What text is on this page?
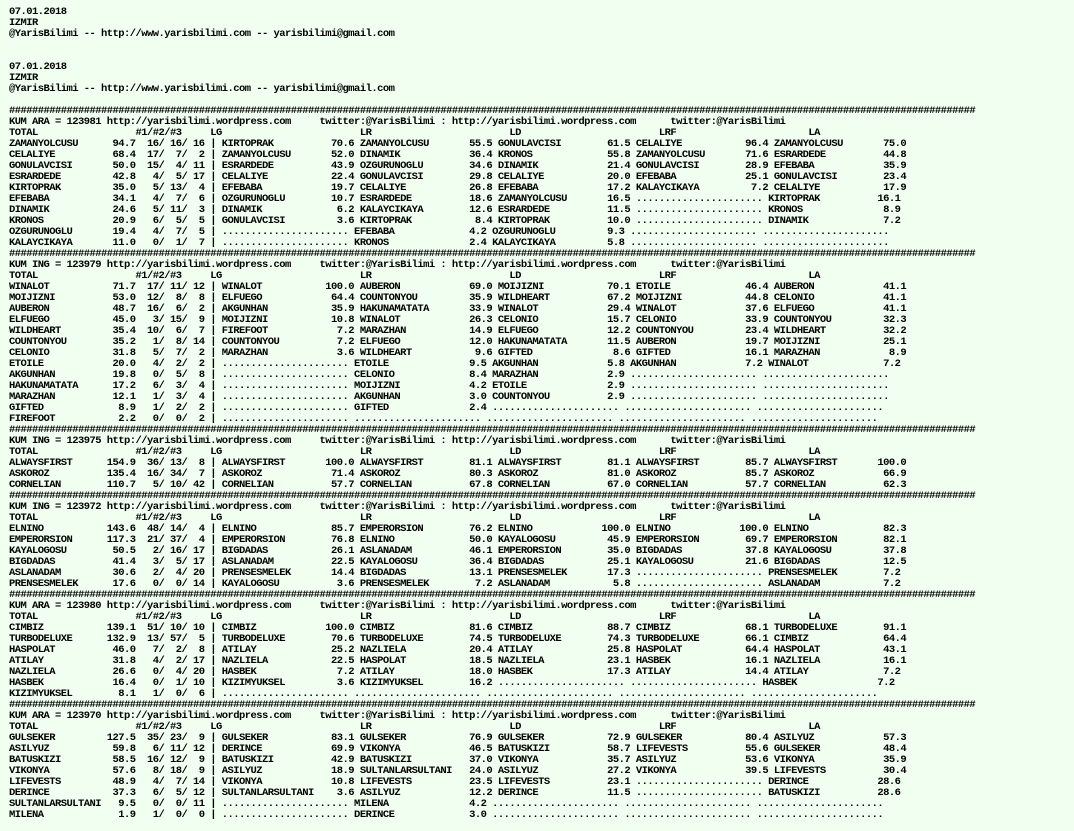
07.01.2018
IZMIR
@YarisBilimi -- http://www.yarisbilimi.com -- yarisbilimi@gmail.com
07.01.2018
IZMIR
@YarisBilimi -- http://www.yarisbilimi.com -- yarisbilimi@gmail.com
########################################################################################################################################################################
KUM ARA = 123981 http://yarisbilimi.wordpress.com     twitter:@YarisBilimi : http://yarisbilimi.wordpress.com      twitter:@YarisBilimi
TOTAL                 #1/#2/#3     LG                        LR                        LD                        LRF                       LA
ZAMANYOLCUSU      94.7  16/ 16/ 16 | KIRTOPRAK          70.6 ZAMANYOLCUSU       55.5 GONULAVCISI        61.5 CELALIYE           96.4 ZAMANYOLCUSU       75.0
CELALIYE          68.4  17/  7/  2 | ZAMANYOLCUSU       52.0 DINAMIK            36.4 KRONOS             55.8 ZAMANYOLCUSU       71.6 ESRARDEDE          44.8
GONULAVCISI       50.0  15/  4/ 11 | ESRARDEDE          43.9 OZGURUNOGLU        34.6 DINAMIK            21.4 GONULAVCISI        28.9 EFEBABA            35.9
ESRARDEDE         42.8   4/  5/ 17 | CELALIYE           22.4 GONULAVCISI        29.8 CELALIYE           20.0 EFEBABA            25.1 GONULAVCISI        23.4
KIRTOPRAK         35.0   5/ 13/  4 | EFEBABA            19.7 CELALIYE           26.8 EFEBABA            17.2 KALAYCIKAYA         7.2 CELALIYE           17.9
EFEBABA           34.1   4/  7/  6 | OZGURUNOGLU        10.7 ESRARDEDE          18.6 ZAMANYOLCUSU       16.5 ...................... KIRTOPRAK          16.1
DINAMIK           24.6   5/ 11/  3 | DINAMIK             6.2 KALAYCIKAYA        12.6 ESRARDEDE          11.5 ...................... KRONOS              8.9
KRONOS            20.9   6/  5/  5 | GONULAVCISI         3.6 KIRTOPRAK           8.4 KIRTOPRAK          10.0 ...................... DINAMIK             7.2
OZGURUNOGLU       19.4   4/  7/  5 | ...................... EFEBABA             4.2 OZGURUNOGLU         9.3 ...................... ......................
KALAYCIKAYA       11.0   0/  1/  7 | ...................... KRONOS              2.4 KALAYCIKAYA         5.8 ...................... ......................
########################################################################################################################################################################
KUM ING = 123979 http://yarisbilimi.wordpress.com     twitter:@YarisBilimi : http://yarisbilimi.wordpress.com      twitter:@YarisBilimi
TOTAL                 #1/#2/#3     LG                        LR                        LD                        LRF                       LA
WINALOT           71.7  17/ 11/ 12 | WINALOT           100.0 AUBERON            69.0 MOIJIZNI           70.1 ETOILE             46.4 AUBERON            41.1
MOIJIZNI          53.0  12/  8/  8 | ELFUEGO            64.4 COUNTONYOU         35.9 WILDHEART          67.2 MOIJIZNI           44.8 CELONIO            41.1
AUBERON           48.7  16/  6/  2 | AKGUNHAN           35.9 HAKUNAMATATA       33.9 WINALOT            29.4 WINALOT            37.6 ELFUEGO            41.1
ELFUEGO           45.0   3/ 15/  9 | MOIJIZNI           10.8 WINALOT            26.3 CELONIO            15.7 CELONIO            33.9 COUNTONYOU         32.3
WILDHEART         35.4  10/  6/  7 | FIREFOOT            7.2 MARAZHAN           14.9 ELFUEGO            12.2 COUNTONYOU         23.4 WILDHEART          32.2
COUNTONYOU        35.2   1/  8/ 14 | COUNTONYOU          7.2 ELFUEGO            12.0 HAKUNAMATATA       11.5 AUBERON            19.7 MOIJIZNI           25.1
CELONIO           31.8   5/  7/  2 | MARAZHAN            3.6 WILDHEART           9.6 GIFTED              8.6 GIFTED             16.1 MARAZHAN            8.9
ETOILE            20.0   4/  2/  2 | ...................... ETOILE              9.5 AKGUNHAN            5.8 AKGUNHAN            7.2 WINALOT             7.2
AKGUNHAN          19.8   0/  5/  8 | ...................... CELONIO             8.4 MARAZHAN            2.9 ...................... ......................
HAKUNAMATATA      17.2   6/  3/  4 | ...................... MOIJIZNI            4.2 ETOILE              2.9 ...................... ......................
MARAZHAN          12.1   1/  3/  4 | ...................... AKGUNHAN            3.0 COUNTONYOU          2.9 ...................... ......................
GIFTED             8.9   1/  2/  2 | ...................... GIFTED              2.4 ...................... ...................... ......................
FIREFOOT           2.2   0/  0/  2 | ...................... ...................... ...................... ...................... ......................
########################################################################################################################################################################
KUM ING = 123975 http://yarisbilimi.wordpress.com     twitter:@YarisBilimi : http://yarisbilimi.wordpress.com      twitter:@YarisBilimi
TOTAL                 #1/#2/#3     LG                        LR                        LD                        LRF                       LA
ALWAYSFIRST      154.9  36/ 13/  8 | ALWAYSFIRST       100.0 ALWAYSFIRST        81.1 ALWAYSFIRST        81.1 ALWAYSFIRST        85.7 ALWAYSFIRST       100.0
ASKOROZ          135.4  16/ 34/  7 | ASKOROZ            71.4 ASKOROZ            80.3 ASKOROZ            81.0 ASKOROZ            85.7 ASKOROZ            66.9
CORNELIAN        110.7   5/ 10/ 42 | CORNELIAN          57.7 CORNELIAN          67.8 CORNELIAN          67.0 CORNELIAN          57.7 CORNELIAN          62.3
########################################################################################################################################################################
KUM ING = 123972 http://yarisbilimi.wordpress.com     twitter:@YarisBilimi : http://yarisbilimi.wordpress.com      twitter:@YarisBilimi
TOTAL                 #1/#2/#3     LG                        LR                        LD                        LRF                       LA
ELNINO           143.6  48/ 14/  4 | ELNINO             85.7 EMPERORSION        76.2 ELNINO            100.0 ELNINO            100.0 ELNINO             82.3
EMPERORSION      117.3  21/ 37/  4 | EMPERORSION        76.8 ELNINO             50.0 KAYALOGOSU         45.9 EMPERORSION        69.7 EMPERORSION        82.1
KAYALOGOSU        50.5   2/ 16/ 17 | BIGDADAS           26.1 ASLANADAM          46.1 EMPERORSION        35.0 BIGDADAS           37.8 KAYALOGOSU         37.8
BIGDADAS          41.4   3/  5/ 17 | ASLANADAM          22.5 KAYALOGOSU         36.4 BIGDADAS           25.1 KAYALOGOSU         21.6 BIGDADAS           12.5
ASLANADAM         30.6   2/  4/ 20 | PRENSESMELEK       14.4 BIGDADAS           13.1 PRENSESMELEK       17.3 ...................... PRENSESMELEK        7.2
PRENSESMELEK      17.6   0/  0/ 14 | KAYALOGOSU          3.6 PRENSESMELEK        7.2 ASLANADAM           5.8 ...................... ASLANADAM           7.2
########################################################################################################################################################################
KUM ARA = 123980 http://yarisbilimi.wordpress.com     twitter:@YarisBilimi : http://yarisbilimi.wordpress.com      twitter:@YarisBilimi
TOTAL                 #1/#2/#3     LG                        LR                        LD                        LRF                       LA
CIMBIZ           139.1  51/ 10/ 10 | CIMBIZ            100.0 CIMBIZ             81.6 CIMBIZ             88.7 CIMBIZ             68.1 TURBODELUXE        91.1
TURBODELUXE      132.9  13/ 57/  5 | TURBODELUXE        70.6 TURBODELUXE        74.5 TURBODELUXE        74.3 TURBODELUXE        66.1 CIMBIZ             64.4
HASPOLAT          46.0   7/  2/  8 | ATILAY             25.2 NAZLIELA           20.4 ATILAY             25.8 HASPOLAT           64.4 HASPOLAT           43.1
ATILAY            31.8   4/  2/ 17 | NAZLIELA           22.5 HASPOLAT           18.5 NAZLIELA           23.1 HASBEK             16.1 NAZLIELA           16.1
NAZLIELA          26.6   0/  4/ 20 | HASBEK              7.2 ATILAY             18.0 HASBEK             17.3 ATILAY             14.4 ATILAY             7.2
HASBEK            16.4   0/  1/ 10 | KIZIMYUKSEL         3.6 KIZIMYUKSEL        16.2 ...................... ...................... HASBEK              7.2
KIZIMYUKSEL        8.1   1/  0/  6 | ...................... ...................... ...................... ...................... ......................
########################################################################################################################################################################
KUM ARA = 123970 http://yarisbilimi.wordpress.com     twitter:@YarisBilimi : http://yarisbilimi.wordpress.com      twitter:@YarisBilimi
TOTAL                 #1/#2/#3     LG                        LR                        LD                        LRF                       LA
GULSEKER         127.5  35/ 23/  9 | GULSEKER           83.1 GULSEKER           76.9 GULSEKER           72.9 GULSEKER           80.4 ASILYUZ            57.3
ASILYUZ           59.8   6/ 11/ 12 | DERINCE            69.9 VIKONYA            46.5 BATUSKIZI          58.7 LIFEVESTS          55.6 GULSEKER           48.4
BATUSKIZI         58.5  16/ 12/  9 | BATUSKIZI          42.9 BATUSKIZI          37.0 VIKONYA            35.7 ASILYUZ            53.6 VIKONYA            35.9
VIKONYA           57.6   8/ 18/  9 | ASILYUZ            18.9 SULTANLARSULTANI   24.0 ASILYUZ            27.2 VIKONYA            39.5 LIFEVESTS          30.4
LIFEVESTS         48.9   4/  7/ 14 | VIKONYA            10.8 LIFEVESTS          23.5 LIFEVESTS          23.1 ...................... DERINCE            28.6
DERINCE           37.3   6/  5/ 12 | SULTANLARSULTANI    3.6 ASILYUZ            12.2 DERINCE            11.5 ...................... BATUSKIZI          28.6
SULTANLARSULTANI   9.5   0/  0/ 11 | ...................... MILENA              4.2 ...................... ...................... ......................
MILENA             1.9   1/  0/  0 | ...................... DERINCE             3.0 ...................... ...................... ......................
